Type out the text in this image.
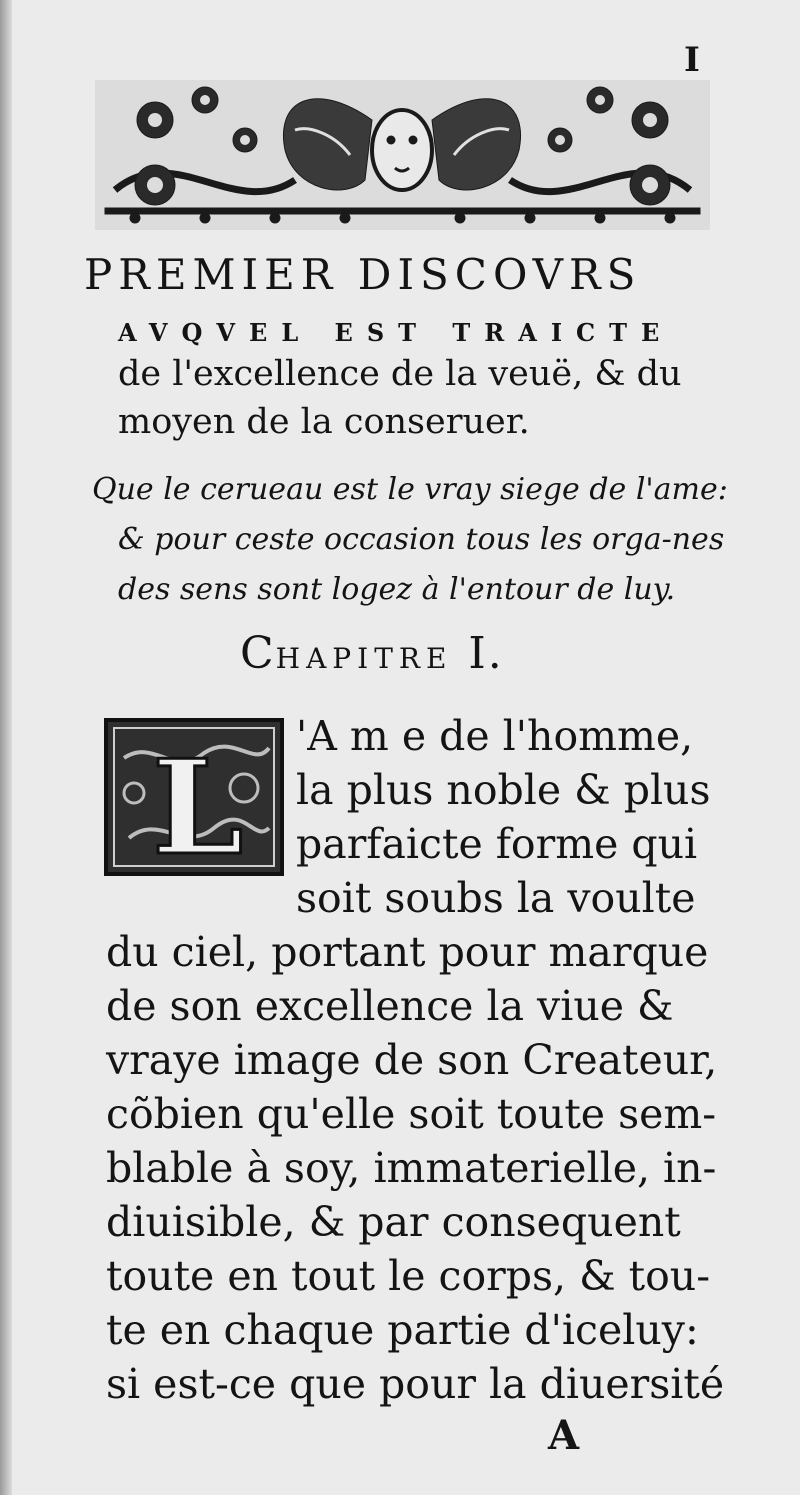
I
PREMIER DISCOVRS
AVQVEL EST TRAICTE
de l'excellence de la veuë, & du
moyen de la conseruer.
Que le cerueau est le vray siege de l'ame:
& pour ceste occasion tous les orga-nes
des sens sont logez à l'entour de luy.
CHAPITRE I.
L 'A m e de l'homme,
la plus noble & plus
parfaicte forme qui
soit soubs la voulte
du ciel, portant pour marque
de son excellence la viue &
vraye image de son Createur,
cõbien qu'elle soit toute sem-
blable à soy, immaterielle, in-
diuisible, & par consequent
toute en tout le corps, & tou-
te en chaque partie d'iceluy:
si est-ce que pour la diuersité
A
